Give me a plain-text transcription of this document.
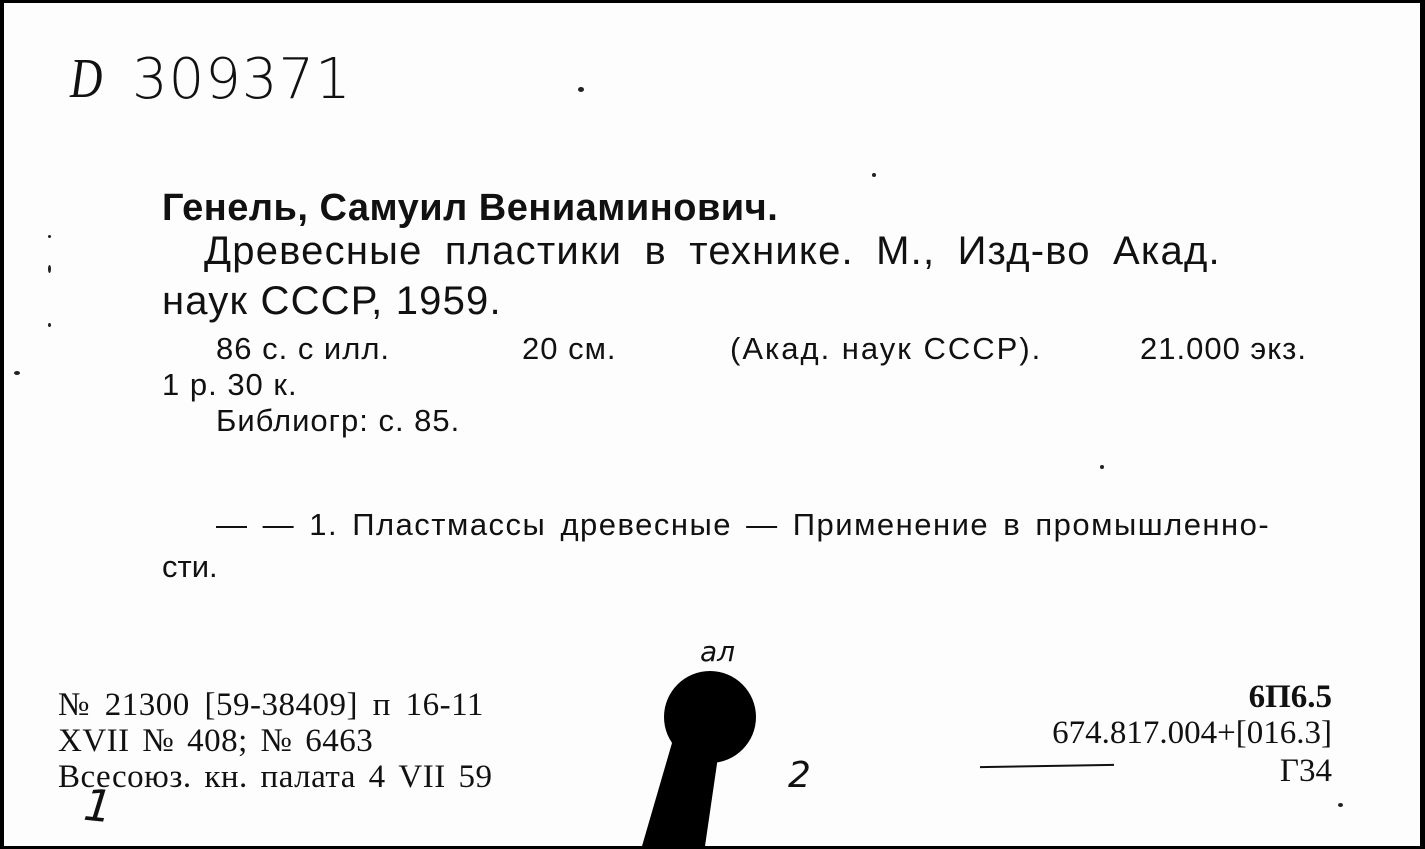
D 309371
Генель, Самуил Вениаминович.
Древесные пластики в технике. М., Изд-во Акад.
наук СССР, 1959.
86 с. с илл.	20 см.	(Акад. наук СССР).	21.000 экз.
1 р. 30 к.
Библиогр: с. 85.
— — 1. Пластмассы древесные — Применение в промышленно-
сти.
№ 21300 [59-38409] п 16-11
XVII № 408; № 6463
Всесоюз. кн. палата 4 VII 59
6П6.5
674.817.004+[016.3]
Г34
ал
2
1
